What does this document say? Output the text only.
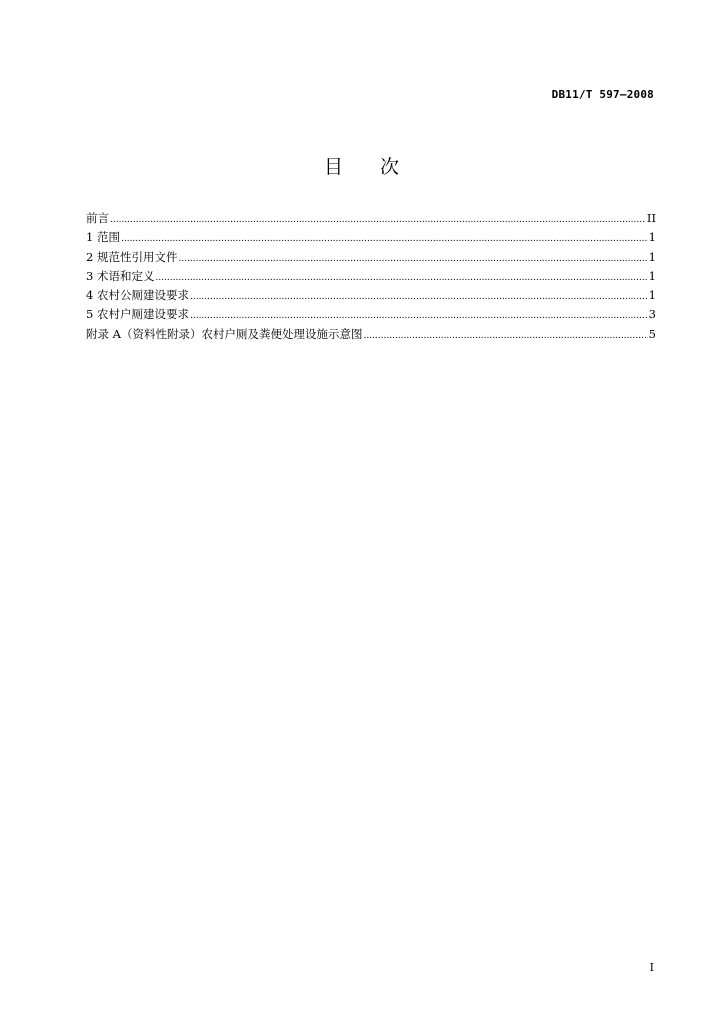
DB11/T 597—2008
目 次
前言 .....	II
1 范围 .....	1
2 规范性引用文件 .....	1
3 术语和定义 .....	1
4 农村公厕建设要求 .....	1
5 农村户厕建设要求 .....	3
附录 A（资料性附录）农村户厕及粪便处理设施示意图 .....	5
I
